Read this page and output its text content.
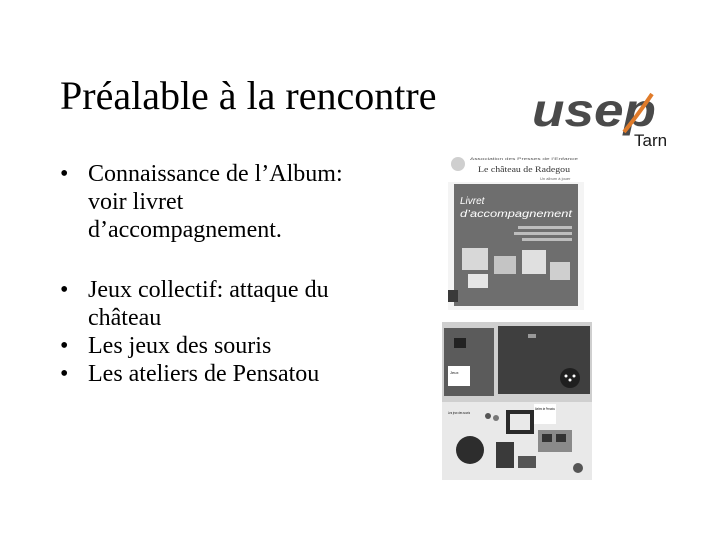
Préalable à la rencontre usep
Tarn
• Connaissance de l’Album: voir livret d’accompagnement.
• Jeux collectif: attaque du château
• Les jeux des souris
• Les ateliers de Pensatou
Association des Presses de l’Enfance
Le château de Radegou
Un album à jouer
Livret
d’accompagnement
Jeux
Ateliers de Pensatou
Les jeux des souris
